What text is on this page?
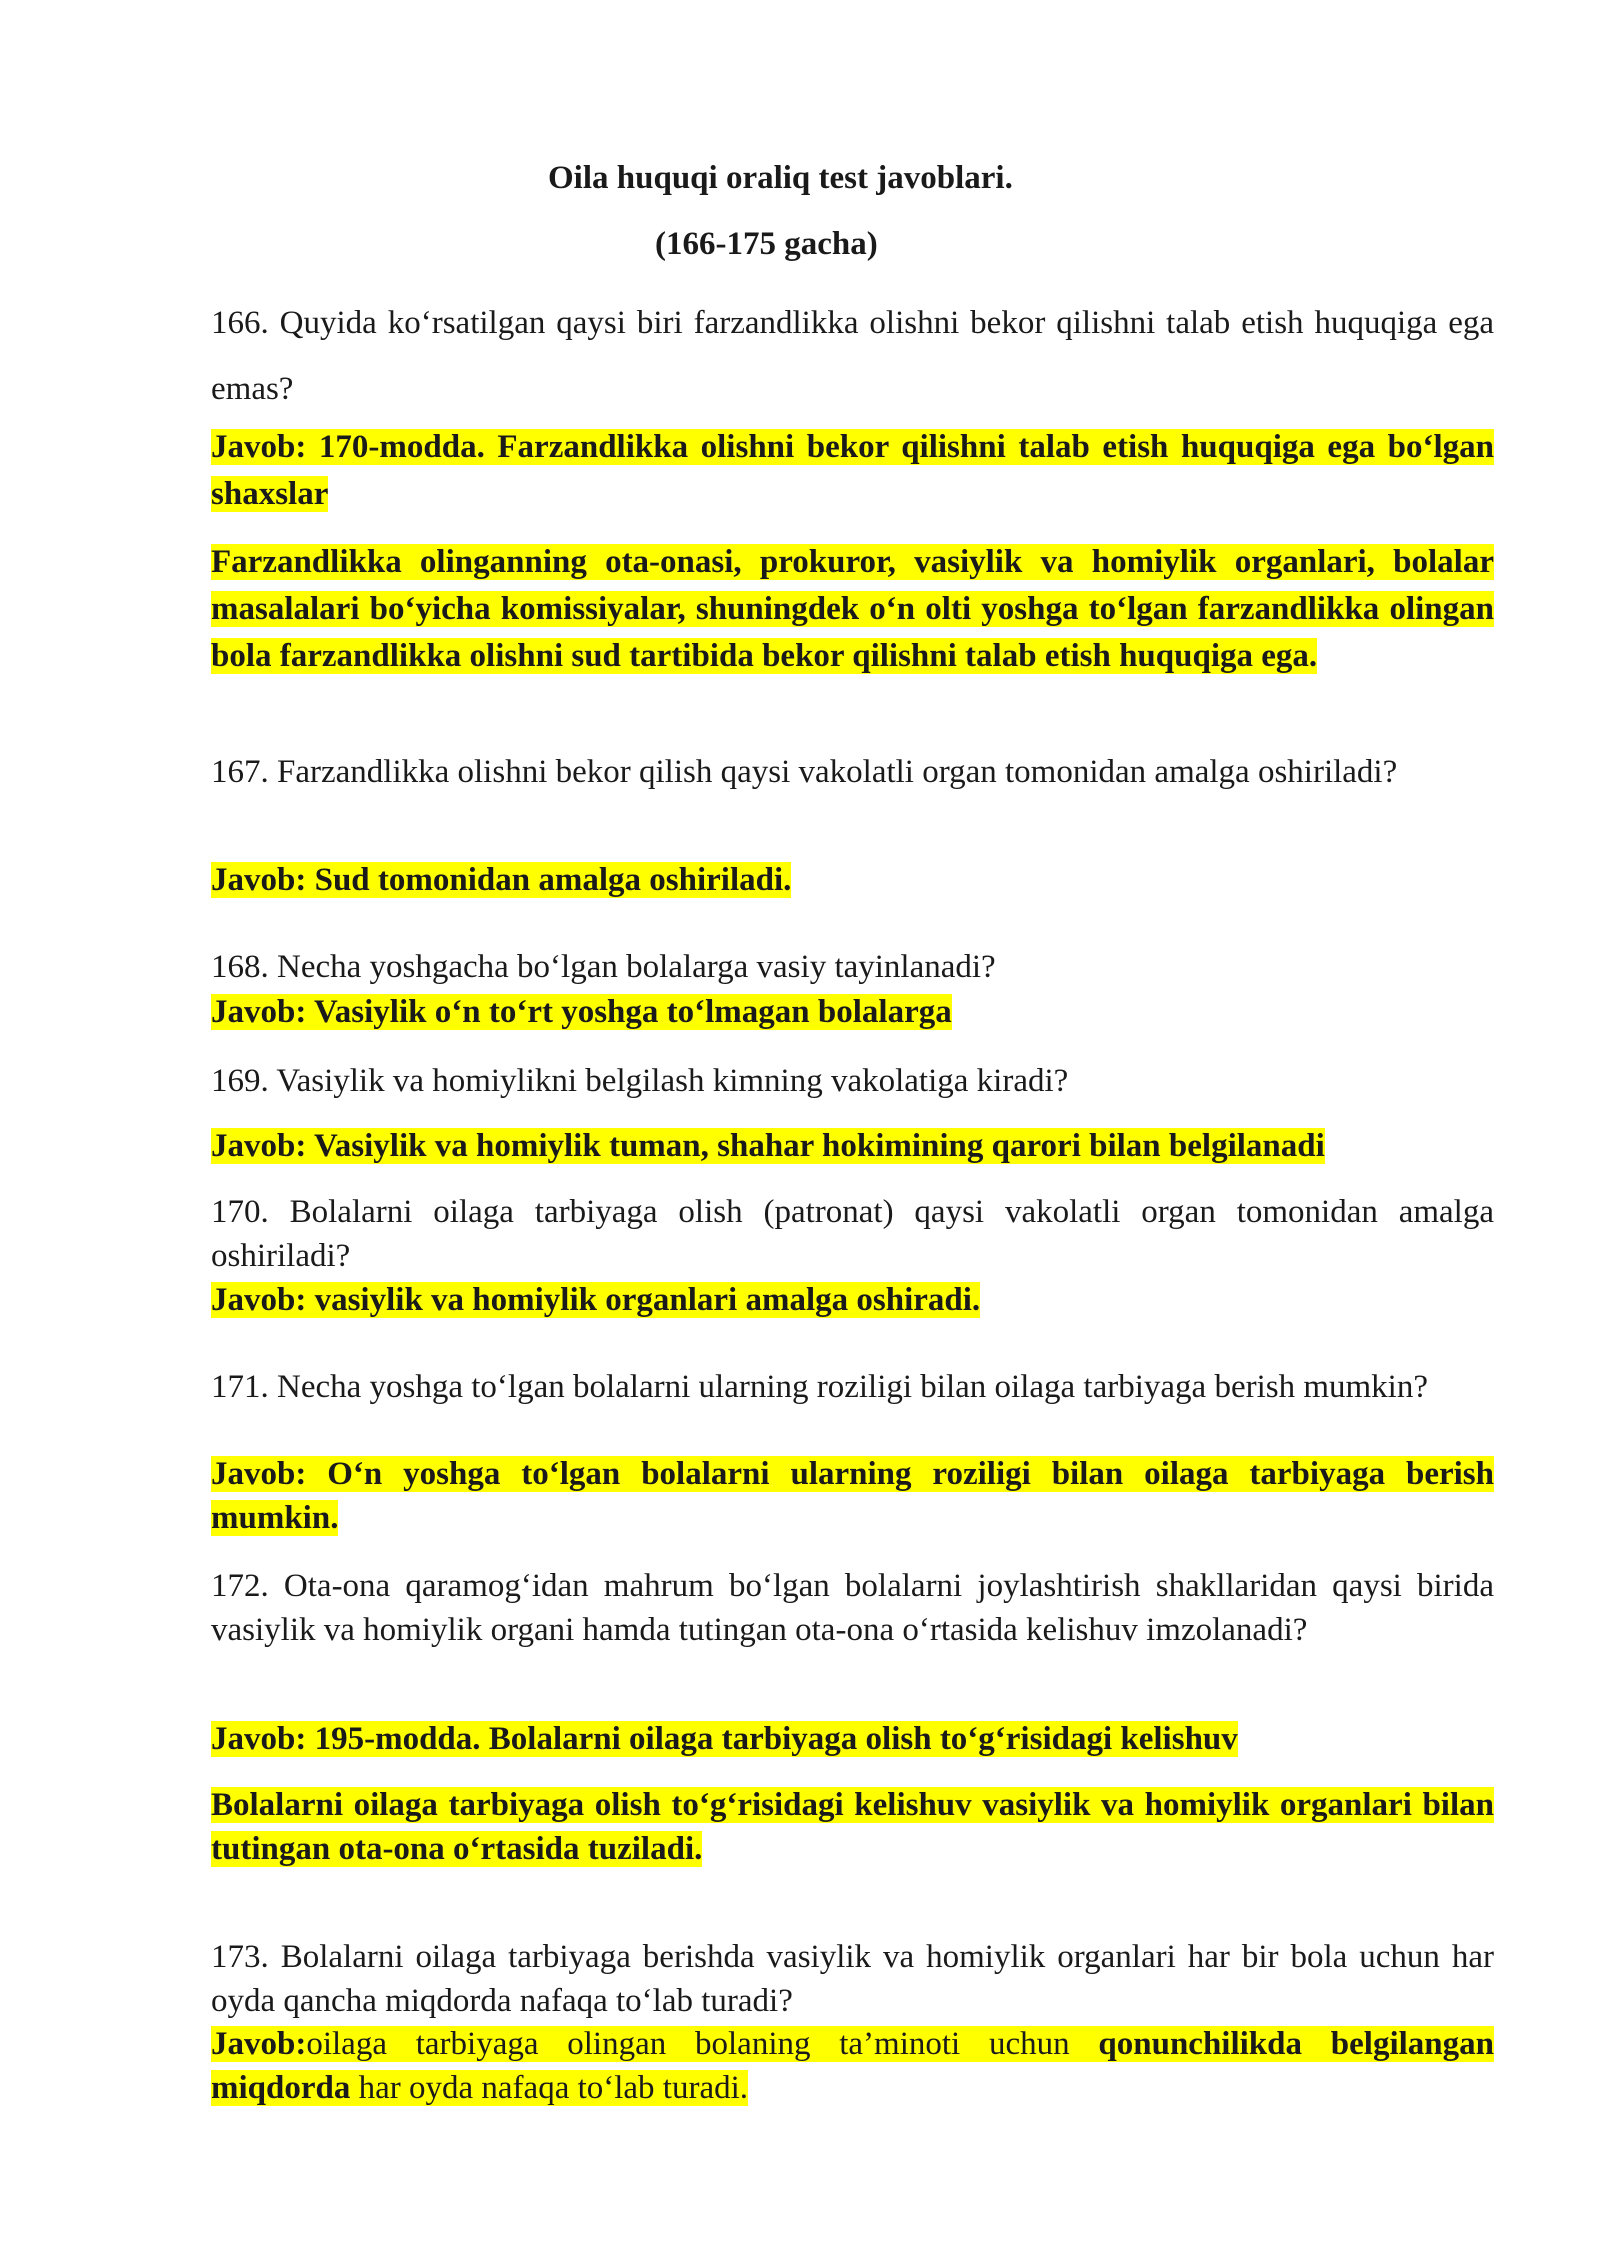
Oila huquqi oraliq test javoblari.
(166-175 gacha)
166. Quyida ko‘rsatilgan qaysi biri farzandlikka olishni bekor qilishni talab etish huquqiga ega emas?
Javob: 170-modda. Farzandlikka olishni bekor qilishni talab etish huquqiga ega bo‘lgan shaxslar
Farzandlikka olinganning ota-onasi, prokuror, vasiylik va homiylik organlari, bolalar masalalari bo‘yicha komissiyalar, shuningdek o‘n olti yoshga to‘lgan farzandlikka olingan bola farzandlikka olishni sud tartibida bekor qilishni talab etish huquqiga ega.
167. Farzandlikka olishni bekor qilish qaysi vakolatli organ tomonidan amalga oshiriladi?
Javob: Sud tomonidan amalga oshiriladi.
168. Necha yoshgacha bo‘lgan bolalarga vasiy tayinlanadi?
Javob: Vasiylik o‘n to‘rt yoshga to‘lmagan bolalarga
169. Vasiylik va homiylikni belgilash kimning vakolatiga kiradi?
Javob: Vasiylik va homiylik tuman, shahar hokimining qarori bilan belgilanadi
170. Bolalarni oilaga tarbiyaga olish (patronat) qaysi vakolatli organ tomonidan amalga oshiriladi?
Javob: vasiylik va homiylik organlari amalga oshiradi.
171. Necha yoshga to‘lgan bolalarni ularning roziligi bilan oilaga tarbiyaga berish mumkin?
Javob: O‘n yoshga to‘lgan bolalarni ularning roziligi bilan oilaga tarbiyaga berish mumkin.
172. Ota-ona qaramog‘idan mahrum bo‘lgan bolalarni joylashtirish shakllaridan qaysi birida vasiylik va homiylik organi hamda tutingan ota-ona o‘rtasida kelishuv imzolanadi?
Javob: 195-modda. Bolalarni oilaga tarbiyaga olish to‘g‘risidagi kelishuv
Bolalarni oilaga tarbiyaga olish to‘g‘risidagi kelishuv vasiylik va homiylik organlari bilan tutingan ota-ona o‘rtasida tuziladi.
173. Bolalarni oilaga tarbiyaga berishda vasiylik va homiylik organlari har bir bola uchun har oyda qancha miqdorda nafaqa to‘lab turadi?
Javob:oilaga tarbiyaga olingan bolaning ta’minoti uchun qonunchilikda belgilangan miqdorda har oyda nafaqa to‘lab turadi.
